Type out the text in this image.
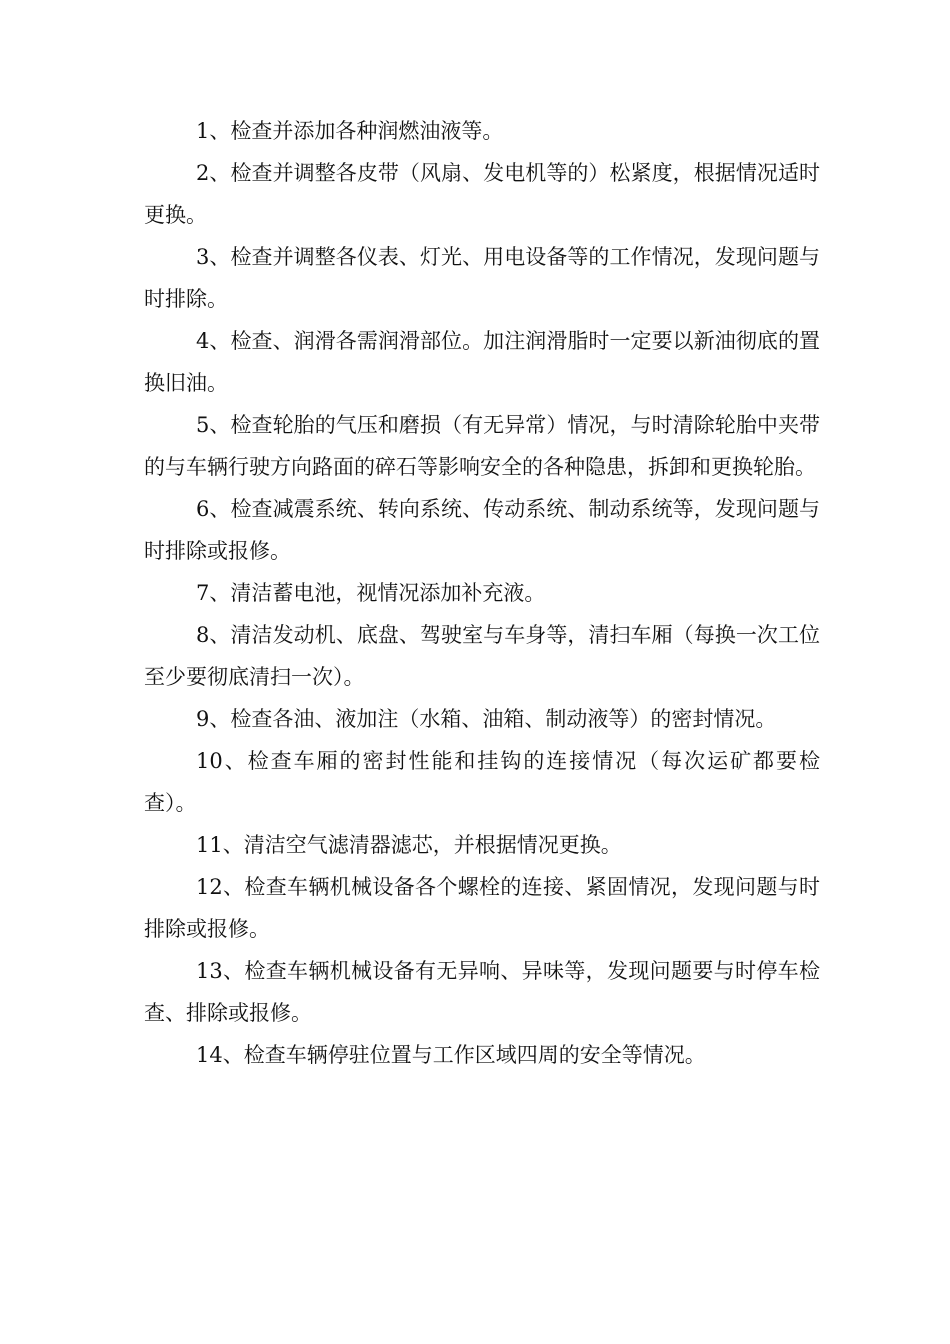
1、检查并添加各种润燃油液等。

2、检查并调整各皮带（风扇、发电机等的）松紧度，根据情况适时更换。

3、检查并调整各仪表、灯光、用电设备等的工作情况，发现问题与时排除。

4、检查、润滑各需润滑部位。加注润滑脂时一定要以新油彻底的置换旧油。

5、检查轮胎的气压和磨损（有无异常）情况，与时清除轮胎中夹带的与车辆行驶方向路面的碎石等影响安全的各种隐患，拆卸和更换轮胎。

6、检查减震系统、转向系统、传动系统、制动系统等，发现问题与时排除或报修。

7、清洁蓄电池，视情况添加补充液。

8、清洁发动机、底盘、驾驶室与车身等，清扫车厢（每换一次工位至少要彻底清扫一次）。

9、检查各油、液加注（水箱、油箱、制动液等）的密封情况。

10、检查车厢的密封性能和挂钩的连接情况（每次运矿都要检查）。

11、清洁空气滤清器滤芯，并根据情况更换。

12、检查车辆机械设备各个螺栓的连接、紧固情况，发现问题与时排除或报修。

13、检查车辆机械设备有无异响、异味等，发现问题要与时停车检查、排除或报修。

14、检查车辆停驻位置与工作区域四周的安全等情况。
